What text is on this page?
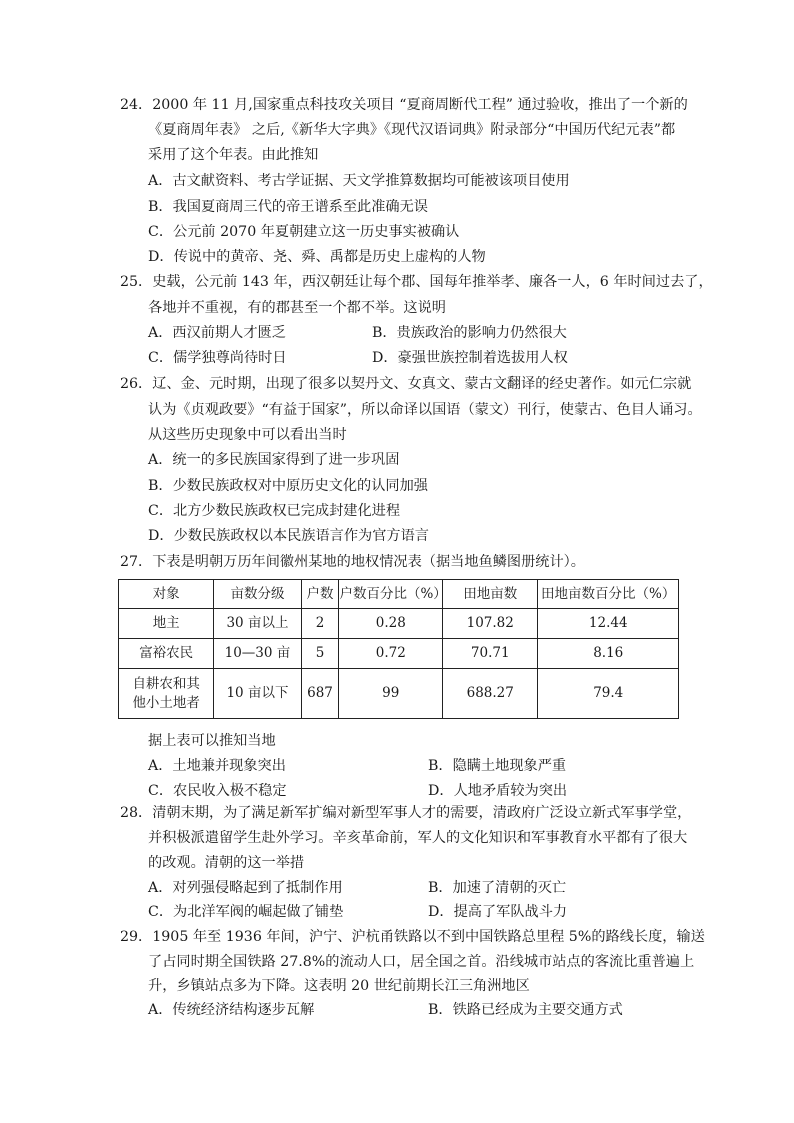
24．2000 年 11 月,国家重点科技攻关项目 “夏商周断代工程” 通过验收，推出了一个新的
《夏商周年表》 之后,《新华大字典》《现代汉语词典》附录部分“中国历代纪元表”都
采用了这个年表。由此推知
A．古文献资料、考古学证据、天文学推算数据均可能被该项目使用
B．我国夏商周三代的帝王谱系至此准确无误
C．公元前 2070 年夏朝建立这一历史事实被确认
D．传说中的黄帝、尧、舜、禹都是历史上虚构的人物
25．史载，公元前 143 年，西汉朝廷让每个郡、国每年推举孝、廉各一人，6 年时间过去了，
各地并不重视，有的郡甚至一个都不举。这说明
A．西汉前期人才匮乏	B．贵族政治的影响力仍然很大
C．儒学独尊尚待时日	D．豪强世族控制着选拔用人权
26．辽、金、元时期，出现了很多以契丹文、女真文、蒙古文翻译的经史著作。如元仁宗就
认为《贞观政要》“有益于国家”，所以命译以国语（蒙文）刊行，使蒙古、色目人诵习。
从这些历史现象中可以看出当时
A．统一的多民族国家得到了进一步巩固
B．少数民族政权对中原历史文化的认同加强
C．北方少数民族政权已完成封建化进程
D．少数民族政权以本民族语言作为官方语言
27．下表是明朝万历年间徽州某地的地权情况表（据当地鱼鳞图册统计）。
对象	亩数分级	户数	户数百分比（%）	田地亩数	田地亩数百分比（%）
地主	30 亩以上	2	0.28	107.82	12.44
富裕农民	10—30 亩	5	0.72	70.71	8.16
自耕农和其
他小土地者	10 亩以下	687	99	688.27	79.4
据上表可以推知当地
A．土地兼并现象突出	B．隐瞒土地现象严重
C．农民收入极不稳定	D．人地矛盾较为突出
28．清朝末期，为了满足新军扩编对新型军事人才的需要，清政府广泛设立新式军事学堂，
并积极派遣留学生赴外学习。辛亥革命前，军人的文化知识和军事教育水平都有了很大
的改观。清朝的这一举措
A．对列强侵略起到了抵制作用	B．加速了清朝的灭亡
C．为北洋军阀的崛起做了铺垫	D．提高了军队战斗力
29．1905 年至 1936 年间，沪宁、沪杭甬铁路以不到中国铁路总里程 5%的路线长度，输送
了占同时期全国铁路 27.8%的流动人口，居全国之首。沿线城市站点的客流比重普遍上
升，乡镇站点多为下降。这表明 20 世纪前期长江三角洲地区
A．传统经济结构逐步瓦解	B．铁路已经成为主要交通方式
